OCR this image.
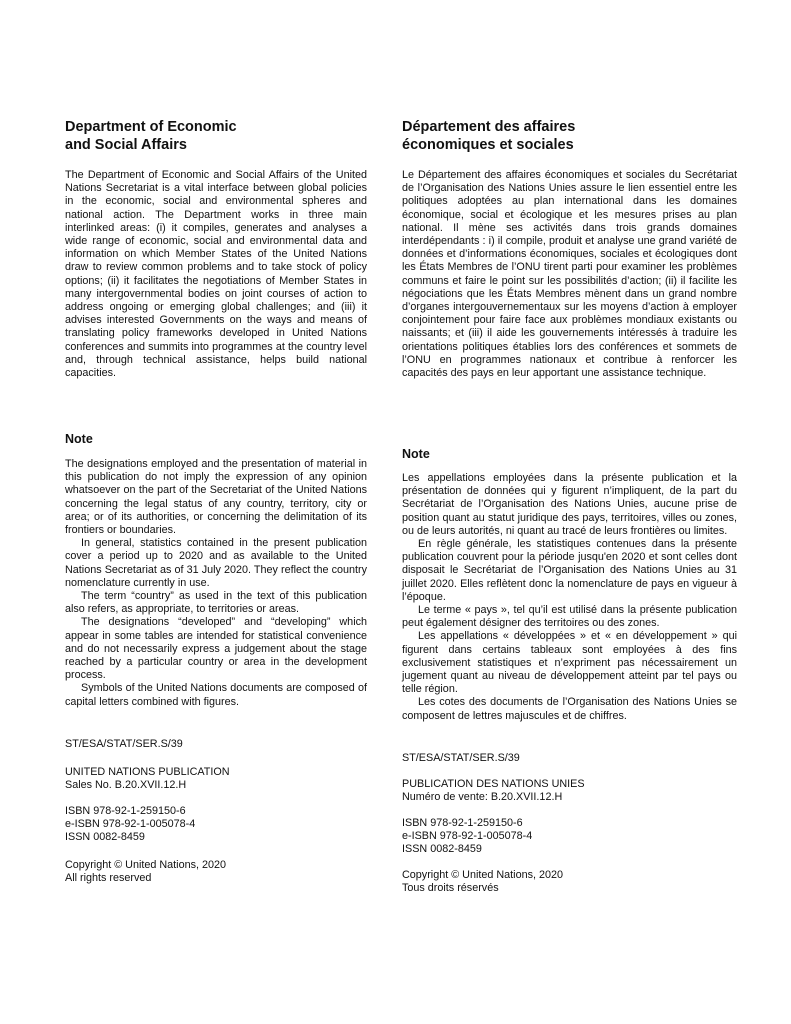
Department of Economic
and Social Affairs

The Department of Economic and Social Affairs of the United Nations Secretariat is a vital interface between global policies in the economic, social and environmental spheres and national action. The Department works in three main interlinked areas: (i) it compiles, generates and analyses a wide range of economic, social and environmental data and information on which Member States of the United Nations draw to review common problems and to take stock of policy options; (ii) it facilitates the negotiations of Member States in many intergovernmental bodies on joint courses of action to address ongoing or emerging global challenges; and (iii) it advises interested Governments on the ways and means of translating policy frameworks developed in United Nations conferences and summits into programmes at the country level and, through technical assistance, helps build national capacities.

Note

The designations employed and the presentation of material in this publication do not imply the expression of any opinion whatsoever on the part of the Secretariat of the United Nations concerning the legal status of any country, territory, city or area; or of its authorities, or concerning the delimitation of its frontiers or boundaries.

In general, statistics contained in the present publication cover a period up to 2020 and as available to the United Nations Secretariat as of 31 July 2020. They reflect the country nomenclature currently in use.

The term “country” as used in the text of this publication also refers, as appropriate, to territories or areas.

The designations “developed” and “developing” which appear in some tables are intended for statistical convenience and do not necessarily express a judgement about the stage reached by a particular country or area in the development process.

Symbols of the United Nations documents are composed of capital letters combined with figures.

ST/ESA/STAT/SER.S/39
UNITED NATIONS PUBLICATION
Sales No. B.20.XVII.12.H
ISBN 978-92-1-259150-6
e-ISBN 978-92-1-005078-4
ISSN 0082-8459
Copyright © United Nations, 2020
All rights reserved
Département des affaires
économiques et sociales

Le Département des affaires économiques et sociales du Secrétariat de l’Organisation des Nations Unies assure le lien essentiel entre les politiques adoptées au plan international dans les domaines économique, social et écologique et les mesures prises au plan national. Il mène ses activités dans trois grands domaines interdépendants : i) il compile, produit et analyse une grand variété de données et d’informations économiques, sociales et écologiques dont les États Membres de l’ONU tirent parti pour examiner les problèmes communs et faire le point sur les possibilités d’action; (ii) il facilite les négociations que les États Membres mènent dans un grand nombre d’organes intergouvernementaux sur les moyens d’action à employer conjointement pour faire face aux problèmes mondiaux existants ou naissants; et (iii) il aide les gouvernements intéressés à traduire les orientations politiques établies lors des conférences et sommets de l’ONU en programmes nationaux et contribue à renforcer les capacités des pays en leur apportant une assistance technique.

Note

Les appellations employées dans la présente publication et la présentation de données qui y figurent n’impliquent, de la part du Secrétariat de l’Organisation des Nations Unies, aucune prise de position quant au statut juridique des pays, territoires, villes ou zones, ou de leurs autorités, ni quant au tracé de leurs frontières ou limites.

En règle générale, les statistiques contenues dans la présente publication couvrent pour la période jusqu'en 2020 et sont celles dont disposait le Secrétariat de l’Organisation des Nations Unies au 31 juillet 2020. Elles reflètent donc la nomenclature de pays en vigueur à l’époque.

Le terme « pays », tel qu’il est utilisé dans la présente publication peut également désigner des territoires ou des zones.

Les appellations « développées » et « en développement » qui figurent dans certains tableaux sont employées à des fins exclusivement statistiques et n’expriment pas nécessairement un jugement quant au niveau de développement atteint par tel pays ou telle région.

Les cotes des documents de l’Organisation des Nations Unies se composent de lettres majuscules et de chiffres.

ST/ESA/STAT/SER.S/39
PUBLICATION DES NATIONS UNIES
Numéro de vente: B.20.XVII.12.H
ISBN 978-92-1-259150-6
e-ISBN 978-92-1-005078-4
ISSN 0082-8459
Copyright © United Nations, 2020
Tous droits réservés
